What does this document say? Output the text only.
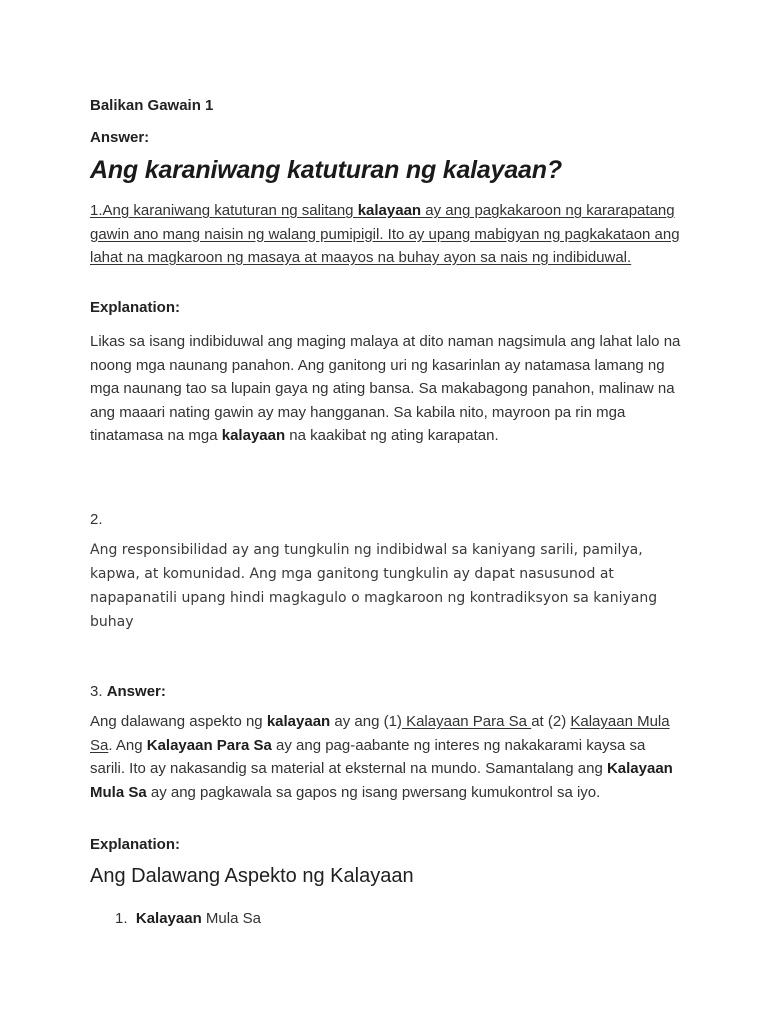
Balikan Gawain 1

Answer:

Ang karaniwang katuturan ng kalayaan?

1.Ang karaniwang katuturan ng salitang kalayaan ay ang pagkakaroon ng kararapatang gawin ano mang naisin ng walang pumipigil. Ito ay upang mabigyan ng pagkakataon ang lahat na magkaroon ng masaya at maayos na buhay ayon sa nais ng indibiduwal.

Explanation:

Likas sa isang indibiduwal ang maging malaya at dito naman nagsimula ang lahat lalo na noong mga naunang panahon. Ang ganitong uri ng kasarinlan ay natamasa lamang ng mga naunang tao sa lupain gaya ng ating bansa. Sa makabagong panahon, malinaw na ang maaari nating gawin ay may hangganan. Sa kabila nito, mayroon pa rin mga tinatamasa na mga kalayaan na kaakibat ng ating karapatan.

2.

Ang responsibilidad ay ang tungkulin ng indibidwal sa kaniyang sarili, pamilya, kapwa, at komunidad. Ang mga ganitong tungkulin ay dapat nasusunod at napapanatili upang hindi magkagulo o magkaroon ng kontradiksyon sa kaniyang buhay

3. Answer:

Ang dalawang aspekto ng kalayaan ay ang (1) Kalayaan Para Sa at (2) Kalayaan Mula Sa. Ang Kalayaan Para Sa ay ang pag-aabante ng interes ng nakakarami kaysa sa sarili. Ito ay nakasandig sa material at eksternal na mundo. Samantalang ang Kalayaan Mula Sa ay ang pagkawala sa gapos ng isang pwersang kumukontrol sa iyo.

Explanation:

Ang Dalawang Aspekto ng Kalayaan

1. Kalayaan Mula Sa
